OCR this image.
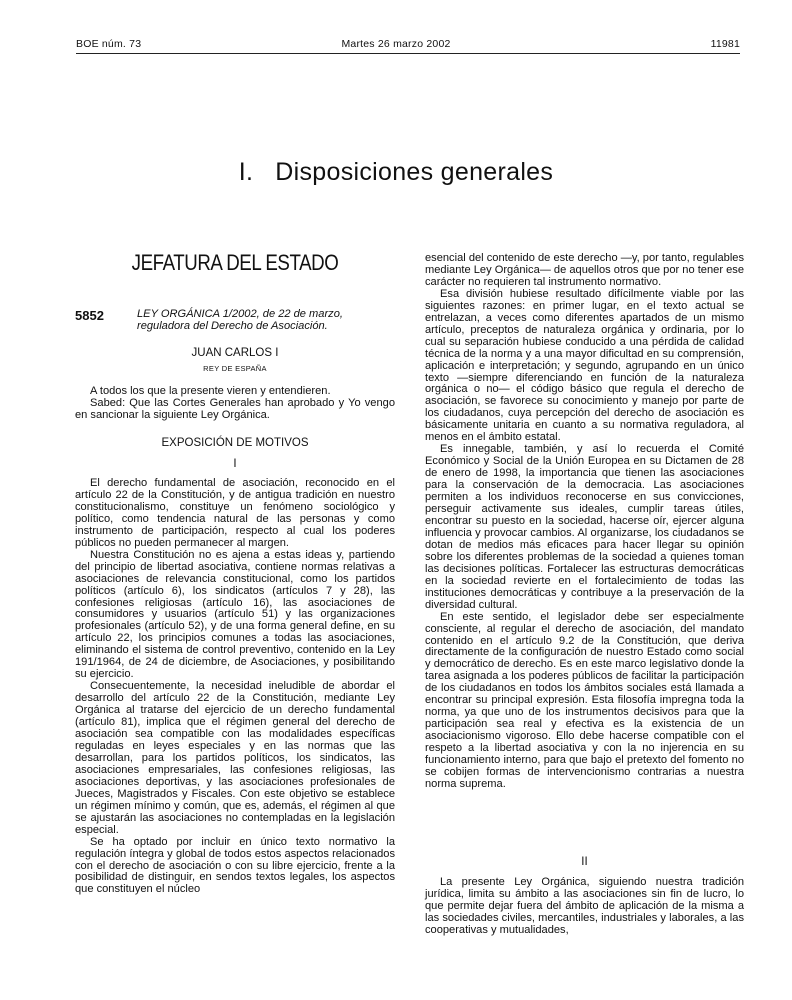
BOE núm. 73	Martes 26 marzo 2002	11981
I. Disposiciones generales
JEFATURA DEL ESTADO
5852	LEY ORGÁNICA 1/2002, de 22 de marzo, reguladora del Derecho de Asociación.
JUAN CARLOS I
REY DE ESPAÑA

A todos los que la presente vieren y entendieren.

Sabed: Que las Cortes Generales han aprobado y Yo vengo en sancionar la siguiente Ley Orgánica.

EXPOSICIÓN DE MOTIVOS
I

El derecho fundamental de asociación, reconocido en el artículo 22 de la Constitución, y de antigua tradición en nuestro constitucionalismo, constituye un fenómeno sociológico y político, como tendencia natural de las personas y como instrumento de participación, respecto al cual los poderes públicos no pueden permanecer al margen.

Nuestra Constitución no es ajena a estas ideas y, partiendo del principio de libertad asociativa, contiene normas relativas a asociaciones de relevancia constitucional, como los partidos políticos (artículo 6), los sindicatos (artículos 7 y 28), las confesiones religiosas (artículo 16), las asociaciones de consumidores y usuarios (artículo 51) y las organizaciones profesionales (artículo 52), y de una forma general define, en su artículo 22, los principios comunes a todas las asociaciones, eliminando el sistema de control preventivo, contenido en la Ley 191/1964, de 24 de diciembre, de Asociaciones, y posibilitando su ejercicio.

Consecuentemente, la necesidad ineludible de abordar el desarrollo del artículo 22 de la Constitución, mediante Ley Orgánica al tratarse del ejercicio de un derecho fundamental (artículo 81), implica que el régimen general del derecho de asociación sea compatible con las modalidades específicas reguladas en leyes especiales y en las normas que las desarrollan, para los partidos políticos, los sindicatos, las asociaciones empresariales, las confesiones religiosas, las asociaciones deportivas, y las asociaciones profesionales de Jueces, Magistrados y Fiscales. Con este objetivo se establece un régimen mínimo y común, que es, además, el régimen al que se ajustarán las asociaciones no contempladas en la legislación especial.

Se ha optado por incluir en único texto normativo la regulación íntegra y global de todos estos aspectos relacionados con el derecho de asociación o con su libre ejercicio, frente a la posibilidad de distinguir, en sendos textos legales, los aspectos que constituyen el núcleo

esencial del contenido de este derecho —y, por tanto, regulables mediante Ley Orgánica— de aquellos otros que por no tener ese carácter no requieren tal instrumento normativo.

Esa división hubiese resultado difícilmente viable por las siguientes razones: en primer lugar, en el texto actual se entrelazan, a veces como diferentes apartados de un mismo artículo, preceptos de naturaleza orgánica y ordinaria, por lo cual su separación hubiese conducido a una pérdida de calidad técnica de la norma y a una mayor dificultad en su comprensión, aplicación e interpretación; y segundo, agrupando en un único texto —siempre diferenciando en función de la naturaleza orgánica o no— el código básico que regula el derecho de asociación, se favorece su conocimiento y manejo por parte de los ciudadanos, cuya percepción del derecho de asociación es básicamente unitaria en cuanto a su normativa reguladora, al menos en el ámbito estatal.

Es innegable, también, y así lo recuerda el Comité Económico y Social de la Unión Europea en su Dictamen de 28 de enero de 1998, la importancia que tienen las asociaciones para la conservación de la democracia. Las asociaciones permiten a los individuos reconocerse en sus convicciones, perseguir activamente sus ideales, cumplir tareas útiles, encontrar su puesto en la sociedad, hacerse oír, ejercer alguna influencia y provocar cambios. Al organizarse, los ciudadanos se dotan de medios más eficaces para hacer llegar su opinión sobre los diferentes problemas de la sociedad a quienes toman las decisiones políticas. Fortalecer las estructuras democráticas en la sociedad revierte en el fortalecimiento de todas las instituciones democráticas y contribuye a la preservación de la diversidad cultural.

En este sentido, el legislador debe ser especialmente consciente, al regular el derecho de asociación, del mandato contenido en el artículo 9.2 de la Constitución, que deriva directamente de la configuración de nuestro Estado como social y democrático de derecho. Es en este marco legislativo donde la tarea asignada a los poderes públicos de facilitar la participación de los ciudadanos en todos los ámbitos sociales está llamada a encontrar su principal expresión. Esta filosofía impregna toda la norma, ya que uno de los instrumentos decisivos para que la participación sea real y efectiva es la existencia de un asociacionismo vigoroso. Ello debe hacerse compatible con el respeto a la libertad asociativa y con la no injerencia en su funcionamiento interno, para que bajo el pretexto del fomento no se cobijen formas de intervencionismo contrarias a nuestra norma suprema.

II

La presente Ley Orgánica, siguiendo nuestra tradición jurídica, limita su ámbito a las asociaciones sin fin de lucro, lo que permite dejar fuera del ámbito de aplicación de la misma a las sociedades civiles, mercantiles, industriales y laborales, a las cooperativas y mutualidades,
